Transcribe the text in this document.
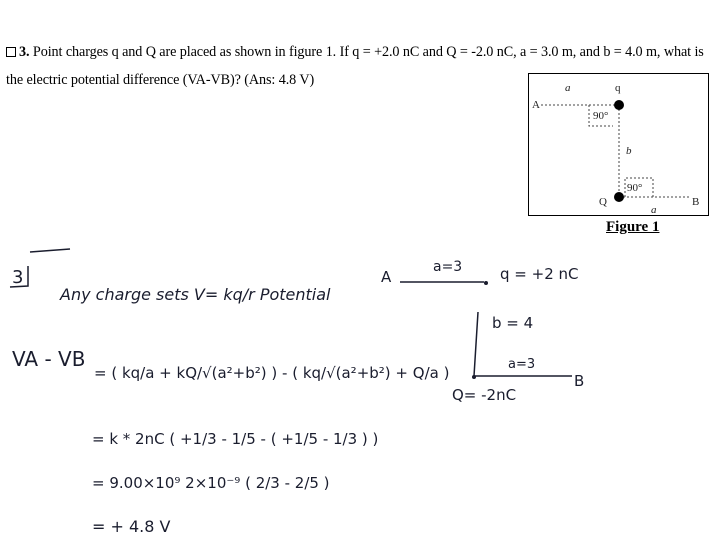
3. Point charges q and Q are placed as shown in figure 1. If q = +2.0 nC and Q = -2.0 nC, a = 3.0 m, and b = 4.0 m, what is the electric potential difference (VA-VB)? (Ans: 4.8 V)	a	q
A
90°
b
90°
Q	B
a
Figure 1
3
Any charge sets V= kq/r Potential
A
a=3	q = +2 nC
b = 4
a=3
B
Q= -2nC
VA - VB
= ( kq/a + kQ/√(a²+b²) ) - ( kq/√(a²+b²) + Q/a )
= k * 2nC ( +1/3 - 1/5 - ( +1/5 - 1/3 ) )
= 9.00×10⁹ 2×10⁻⁹ ( 2/3 - 2/5 )
= + 4.8 V
